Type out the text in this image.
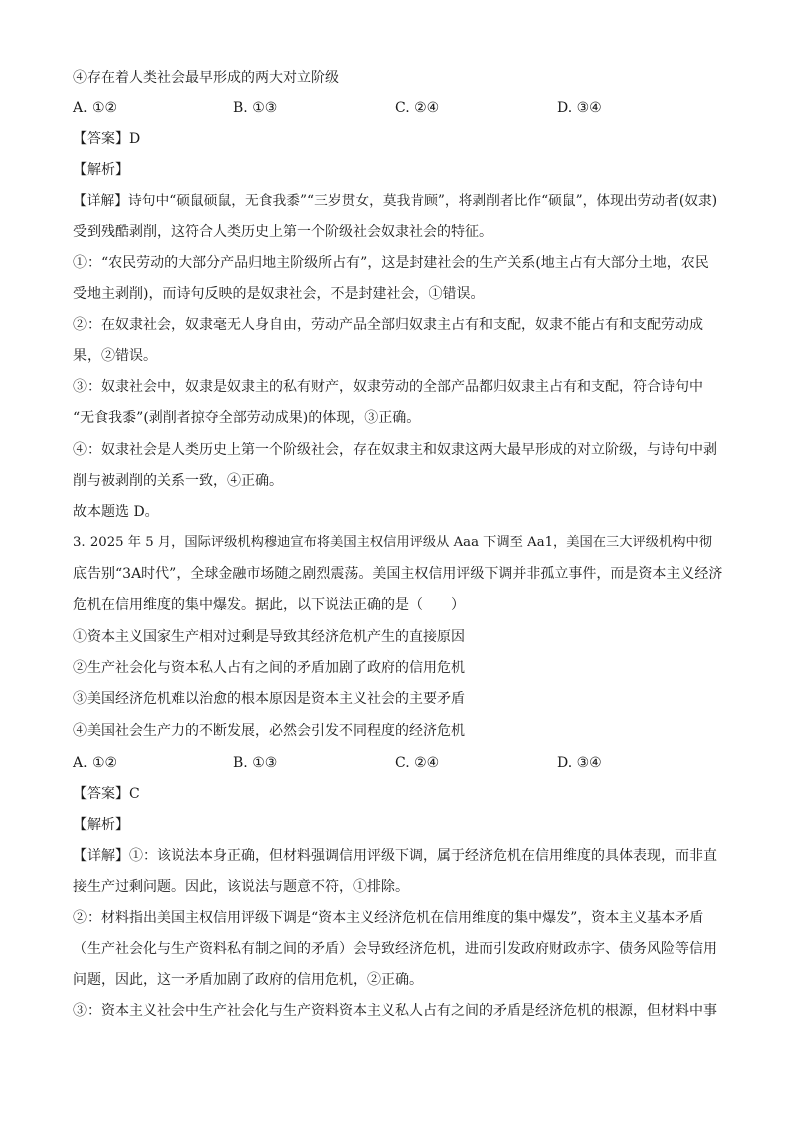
④存在着人类社会最早形成的两大对立阶级
A. ①②	B. ①③	C. ②④	D. ③④
【答案】D
【解析】
【详解】诗句中“硕鼠硕鼠，无食我黍”“三岁贯女，莫我肯顾”，将剥削者比作“硕鼠”，体现出劳动者(奴隶)
受到残酷剥削，这符合人类历史上第一个阶级社会奴隶社会的特征。
①：“农民劳动的大部分产品归地主阶级所占有”，这是封建社会的生产关系(地主占有大部分土地，农民
受地主剥削)，而诗句反映的是奴隶社会，不是封建社会，①错误。
②：在奴隶社会，奴隶毫无人身自由，劳动产品全部归奴隶主占有和支配，奴隶不能占有和支配劳动成
果，②错误。
③：奴隶社会中，奴隶是奴隶主的私有财产，奴隶劳动的全部产品都归奴隶主占有和支配，符合诗句中
“无食我黍”(剥削者掠夺全部劳动成果)的体现，③正确。
④：奴隶社会是人类历史上第一个阶级社会，存在奴隶主和奴隶这两大最早形成的对立阶级，与诗句中剥
削与被剥削的关系一致，④正确。
故本题选 D。
3. 2025 年 5 月，国际评级机构穆迪宣布将美国主权信用评级从 Aaa 下调至 Aa1，美国在三大评级机构中彻
底告别“3A时代”，全球金融市场随之剧烈震荡。美国主权信用评级下调并非孤立事件，而是资本主义经济
危机在信用维度的集中爆发。据此，以下说法正确的是（　　）
①资本主义国家生产相对过剩是导致其经济危机产生的直接原因
②生产社会化与资本私人占有之间的矛盾加剧了政府的信用危机
③美国经济危机难以治愈的根本原因是资本主义社会的主要矛盾
④美国社会生产力的不断发展，必然会引发不同程度的经济危机
A. ①②	B. ①③	C. ②④	D. ③④
【答案】C
【解析】
【详解】①：该说法本身正确，但材料强调信用评级下调，属于经济危机在信用维度的具体表现，而非直
接生产过剩问题。因此，该说法与题意不符，①排除。
②：材料指出美国主权信用评级下调是“资本主义经济危机在信用维度的集中爆发”，资本主义基本矛盾
（生产社会化与生产资料私有制之间的矛盾）会导致经济危机，进而引发政府财政赤字、债务风险等信用
问题，因此，这一矛盾加剧了政府的信用危机，②正确。
③：资本主义社会中生产社会化与生产资料资本主义私人占有之间的矛盾是经济危机的根源，但材料中事
